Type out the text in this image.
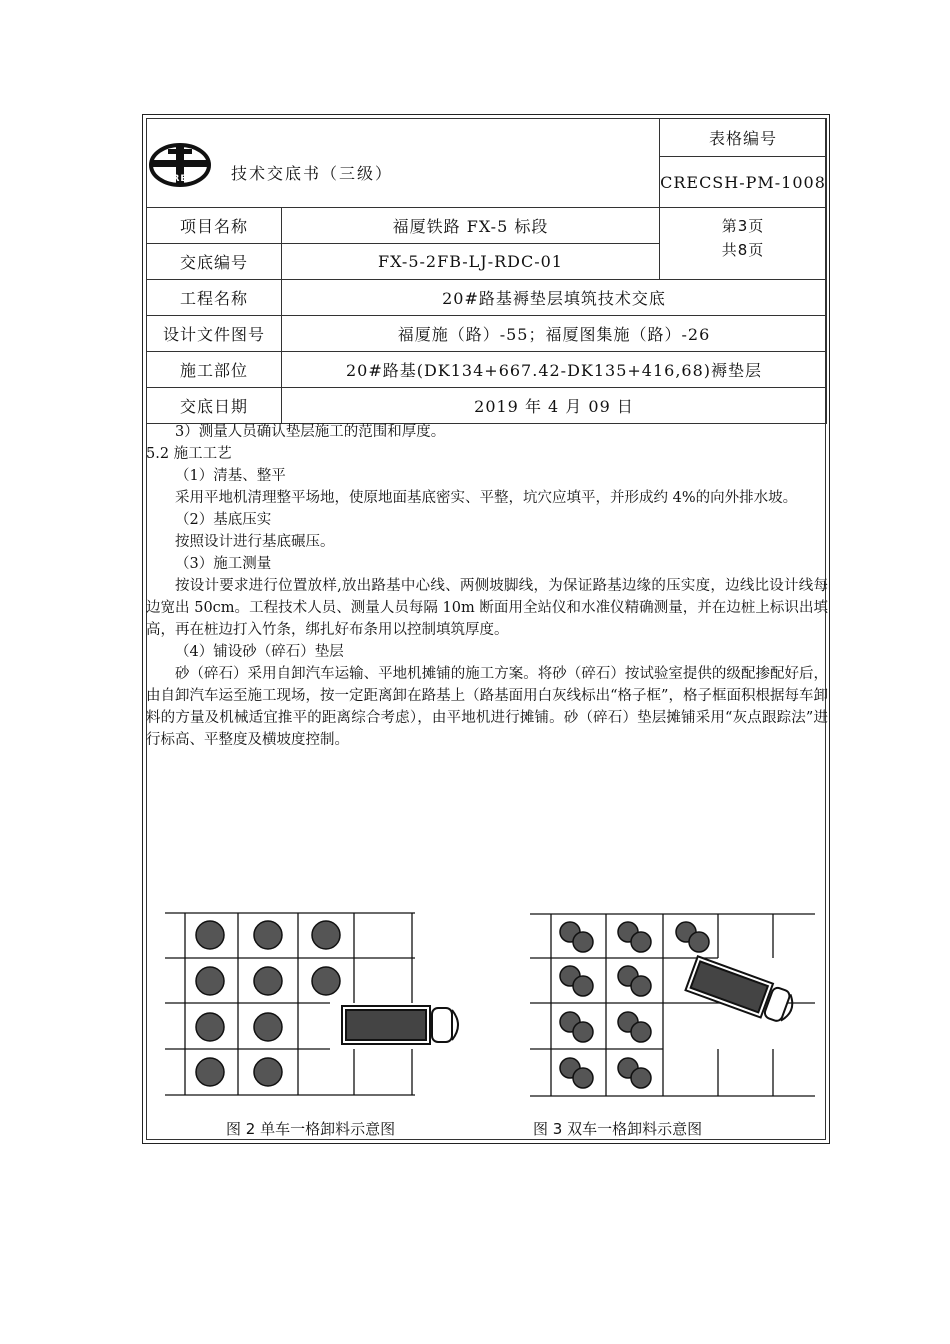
CREC 技术交底书（三级）		表格编号
		CRECSH-PM-1008
项目名称	福厦铁路 FX-5 标段	第3页
共8页

交底编号	FX-5-2FB-LJ-RDC-01	
工程名称	20#路基褥垫层填筑技术交底	
设计文件图号	福厦施（路）-55；福厦图集施（路）-26	
施工部位	20#路基(DK134+667.42-DK135+416,68)褥垫层	
交底日期	2019 年 4 月 09 日	

3）测量人员确认垫层施工的范围和厚度。

5.2 施工工艺

（1）清基、整平

采用平地机清理整平场地，使原地面基底密实、平整，坑穴应填平，并形成约 4%的向外排水坡。

（2）基底压实

按照设计进行基底碾压。

（3）施工测量

按设计要求进行位置放样,放出路基中心线、两侧坡脚线，为保证路基边缘的压实度，边线比设计线每边宽出 50cm。工程技术人员、测量人员每隔 10m 断面用全站仪和水准仪精确测量，并在边桩上标识出填高，再在桩边打入竹条，绑扎好布条用以控制填筑厚度。

（4）铺设砂（碎石）垫层

砂（碎石）采用自卸汽车运输、平地机摊铺的施工方案。将砂（碎石）按试验室提供的级配掺配好后，由自卸汽车运至施工现场，按一定距离卸在路基上（路基面用白灰线标出“格子框”，格子框面积根据每车卸料的方量及机械适宜推平的距离综合考虑），由平地机进行摊铺。砂（碎石）垫层摊铺采用“灰点跟踪法”进行标高、平整度及横坡度控制。

图 2 单车一格卸料示意图	图 3 双车一格卸料示意图
